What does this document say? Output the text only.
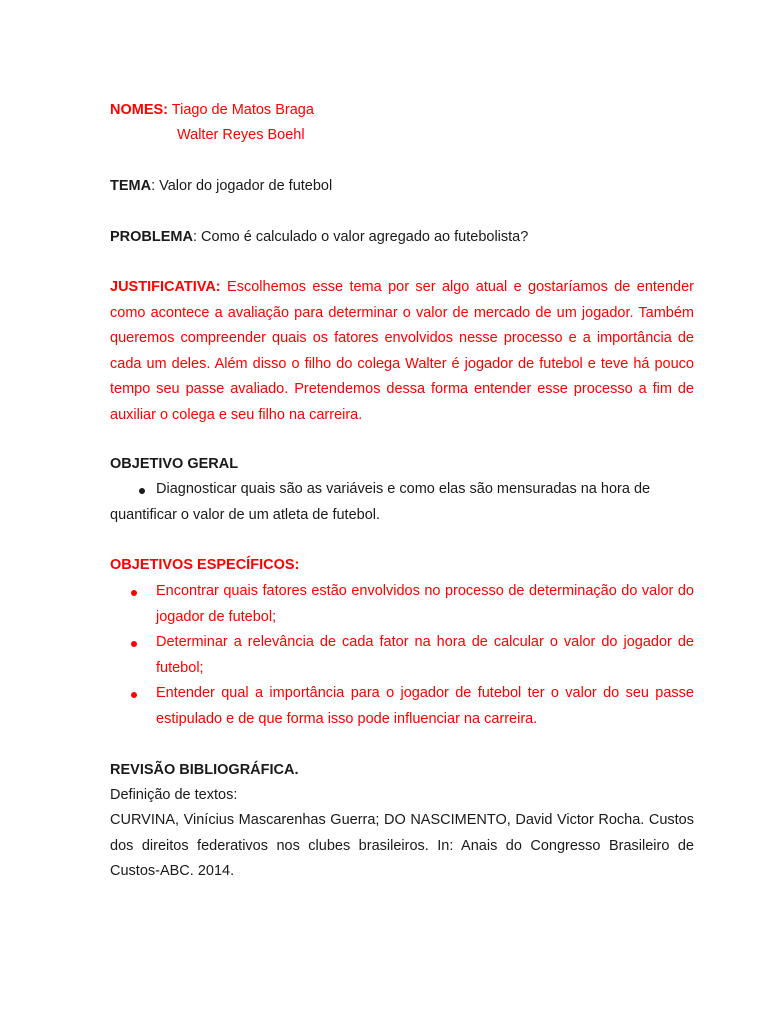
NOMES: Tiago de Matos Braga
Walter Reyes Boehl
TEMA: Valor do jogador de futebol
PROBLEMA: Como é calculado o valor agregado ao futebolista?
JUSTIFICATIVA: Escolhemos esse tema por ser algo atual e gostaríamos de entender como acontece a avaliação para determinar o valor de mercado de um jogador. Também queremos compreender quais os fatores envolvidos nesse processo e a importância de cada um deles. Além disso o filho do colega Walter é jogador de futebol e teve há pouco tempo seu passe avaliado. Pretendemos dessa forma entender esse processo a fim de auxiliar o colega e seu filho na carreira.
OBJETIVO GERAL
Diagnosticar quais são as variáveis e como elas são mensuradas na hora de
quantificar o valor de um atleta de futebol.
OBJETIVOS ESPECÍFICOS:
Encontrar quais fatores estão envolvidos no processo de determinação do valor do jogador de futebol;
Determinar a relevância de cada fator na hora de calcular o valor do jogador de futebol;
Entender qual a importância para o jogador de futebol ter o valor do seu passe estipulado e de que forma isso pode influenciar na carreira.
REVISÃO BIBLIOGRÁFICA.
Definição de textos:
CURVINA, Vinícius Mascarenhas Guerra; DO NASCIMENTO, David Victor Rocha. Custos dos direitos federativos nos clubes brasileiros. In: Anais do Congresso Brasileiro de Custos-ABC. 2014.
